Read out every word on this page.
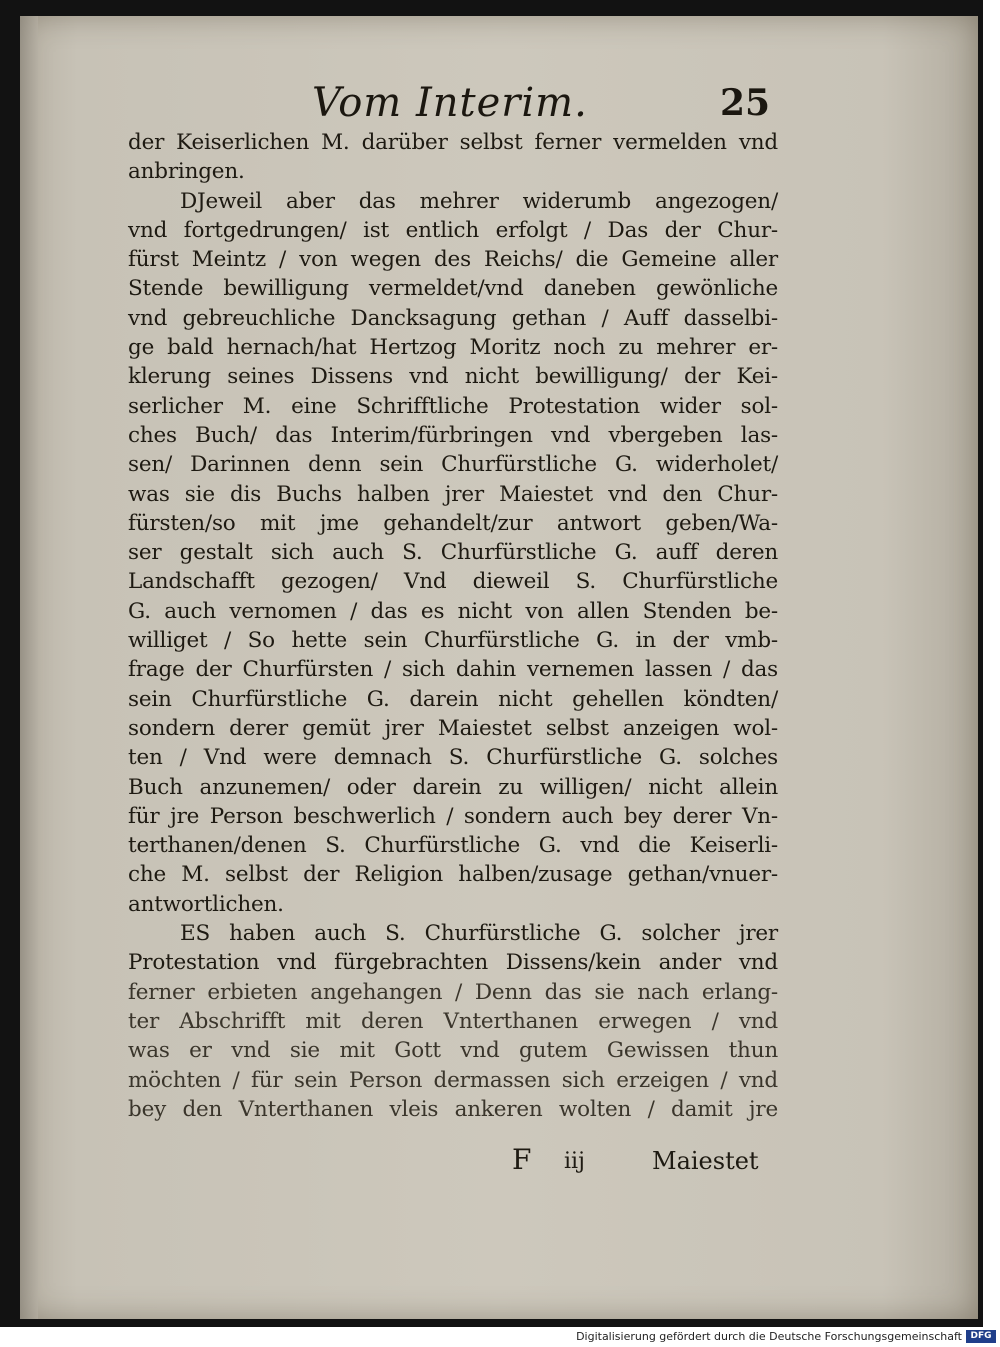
Vom Interim.	25
der Keiserlichen M. darüber selbst ferner vermelden vnd
anbringen.
DJeweil aber das mehrer widerumb angezogen/
vnd fortgedrungen/ ist entlich erfolgt / Das der Chur-
fürst Meintz / von wegen des Reichs/ die Gemeine aller
Stende bewilligung vermeldet/vnd daneben gewönliche
vnd gebreuchliche Dancksagung gethan / Auff dasselbi-
ge bald hernach/hat Hertzog Moritz noch zu mehrer er-
klerung seines Dissens vnd nicht bewilligung/ der Kei-
serlicher M. eine Schrifftliche Protestation wider sol-
ches Buch/ das Interim/fürbringen vnd vbergeben las-
sen/ Darinnen denn sein Churfürstliche G. widerholet/
was sie dis Buchs halben jrer Maiestet vnd den Chur-
fürsten/so mit jme gehandelt/zur antwort geben/Wa-
ser gestalt sich auch S. Churfürstliche G. auff deren
Landschafft gezogen/ Vnd dieweil S. Churfürstliche
G. auch vernomen / das es nicht von allen Stenden be-
williget / So hette sein Churfürstliche G. in der vmb-
frage der Churfürsten / sich dahin vernemen lassen / das
sein Churfürstliche G. darein nicht gehellen köndten/
sondern derer gemüt jrer Maiestet selbst anzeigen wol-
ten / Vnd were demnach S. Churfürstliche G. solches
Buch anzunemen/ oder darein zu willigen/ nicht allein
für jre Person beschwerlich / sondern auch bey derer Vn-
terthanen/denen S. Churfürstliche G. vnd die Keiserli-
che M. selbst der Religion halben/zusage gethan/vnuer-
antwortlichen.
ES haben auch S. Churfürstliche G. solcher jrer
Protestation vnd fürgebrachten Dissens/kein ander vnd
ferner erbieten angehangen / Denn das sie nach erlang-
ter Abschrifft mit deren Vnterthanen erwegen / vnd
was er vnd sie mit Gott vnd gutem Gewissen thun
möchten / für sein Person dermassen sich erzeigen / vnd
bey den Vnterthanen vleis ankeren wolten / damit jre
F iij	Maiestet
Digitalisierung gefördert durch die Deutsche Forschungsgemeinschaft DFG
